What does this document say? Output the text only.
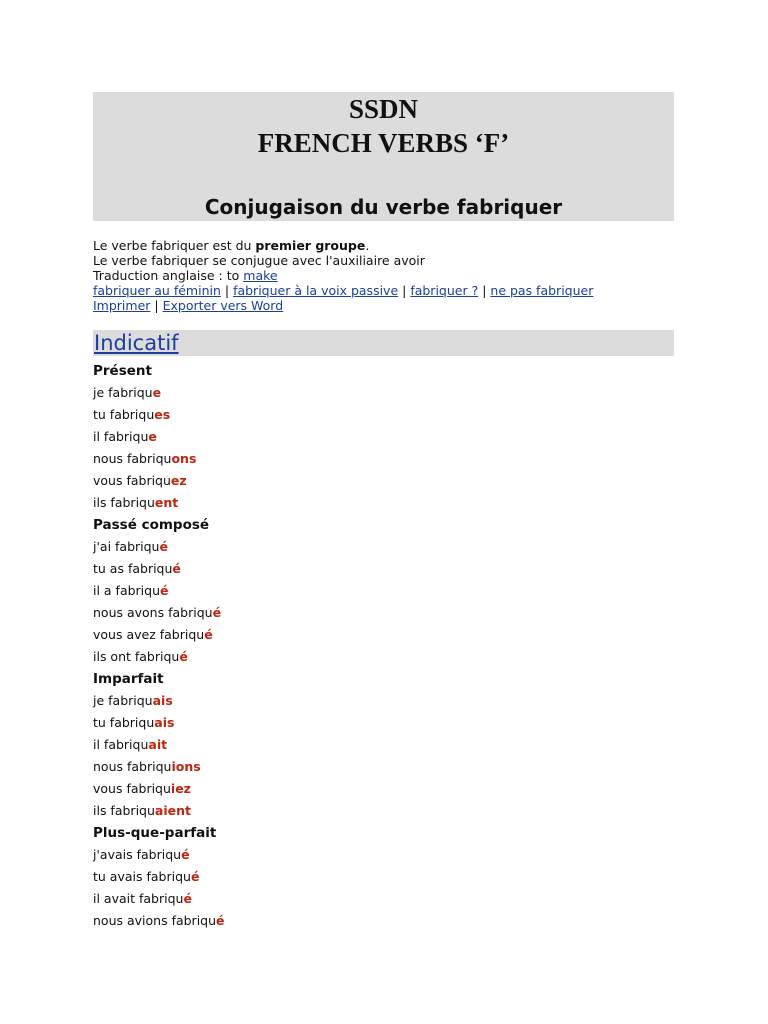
SSDN
FRENCH VERBS ‘F’
Conjugaison du verbe fabriquer
Le verbe fabriquer est du premier groupe.
Le verbe fabriquer se conjugue avec l'auxiliaire avoir
Traduction anglaise : to make
fabriquer au féminin | fabriquer à la voix passive | fabriquer ? | ne pas fabriquer
Imprimer | Exporter vers Word
Indicatif
Présent
je fabrique
tu fabriques
il fabrique
nous fabriquons
vous fabriquez
ils fabriquent
Passé composé
j'ai fabriqué
tu as fabriqué
il a fabriqué
nous avons fabriqué
vous avez fabriqué
ils ont fabriqué
Imparfait
je fabriquais
tu fabriquais
il fabriquait
nous fabriquions
vous fabriquiez
ils fabriquaient
Plus-que-parfait
j'avais fabriqué
tu avais fabriqué
il avait fabriqué
nous avions fabriqué
